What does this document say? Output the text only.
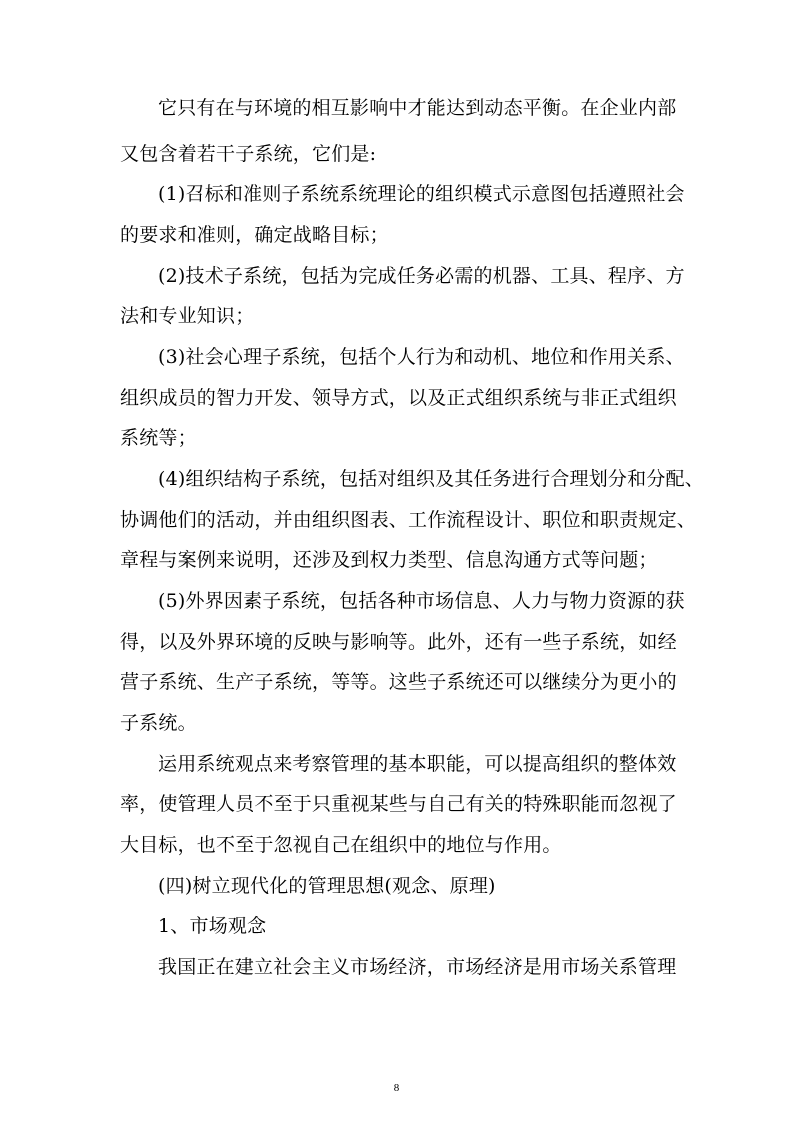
它只有在与环境的相互影响中才能达到动态平衡。在企业内部
又包含着若干子系统，它们是:
(1)召标和准则子系统系统理论的组织模式示意图包括遵照社会
的要求和准则，确定战略目标；
(2)技术子系统，包括为完成任务必需的机器、工具、程序、方
法和专业知识；
(3)社会心理子系统，包括个人行为和动机、地位和作用关系、
组织成员的智力开发、领导方式，以及正式组织系统与非正式组织
系统等；
(4)组织结构子系统，包括对组织及其任务进行合理划分和分配、
协调他们的活动，并由组织图表、工作流程设计、职位和职责规定、
章程与案例来说明，还涉及到权力类型、信息沟通方式等问题；
(5)外界因素子系统，包括各种市场信息、人力与物力资源的获
得，以及外界环境的反映与影响等。此外，还有一些子系统，如经
营子系统、生产子系统，等等。这些子系统还可以继续分为更小的
子系统。
运用系统观点来考察管理的基本职能，可以提高组织的整体效
率，使管理人员不至于只重视某些与自己有关的特殊职能而忽视了
大目标，也不至于忽视自己在组织中的地位与作用。
(四)树立现代化的管理思想(观念、原理)
1、市场观念
我国正在建立社会主义市场经济，市场经济是用市场关系管理
8
